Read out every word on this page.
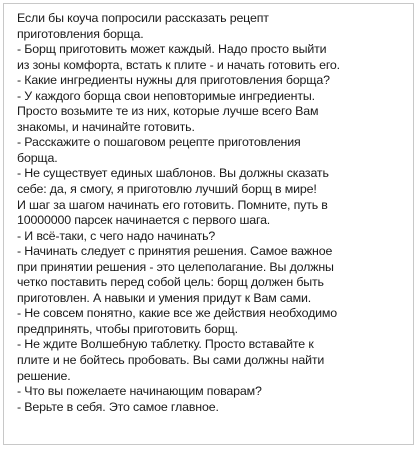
Если бы коуча попросили рассказать рецепт
приготовления борща.
- Борщ приготовить может каждый. Надо просто выйти
из зоны комфорта, встать к плите - и начать готовить его.
- Какие ингредиенты нужны для приготовления борща?
- У каждого борща свои неповторимые ингредиенты.
Просто возьмите те из них, которые лучше всего Вам
знакомы, и начинайте готовить.
- Расскажите о пошаговом рецепте приготовления
борща.
- Не существует единых шаблонов. Вы должны сказать
себе: да, я смогу, я приготовлю лучший борщ в мире!
И шаг за шагом начинать его готовить. Помните, путь в
10000000 парсек начинается с первого шага.
- И всё-таки, с чего надо начинать?
- Начинать следует с принятия решения. Самое важное
при принятии решения - это целеполагание. Вы должны
четко поставить перед собой цель: борщ должен быть
приготовлен. А навыки и умения придут к Вам сами.
- Не совсем понятно, какие все же действия необходимо
предпринять, чтобы приготовить борщ.
- Не ждите Волшебную таблетку. Просто вставайте к
плите и не бойтесь пробовать. Вы сами должны найти
решение.
- Что вы пожелаете начинающим поварам?
- Верьте в себя. Это самое главное.
